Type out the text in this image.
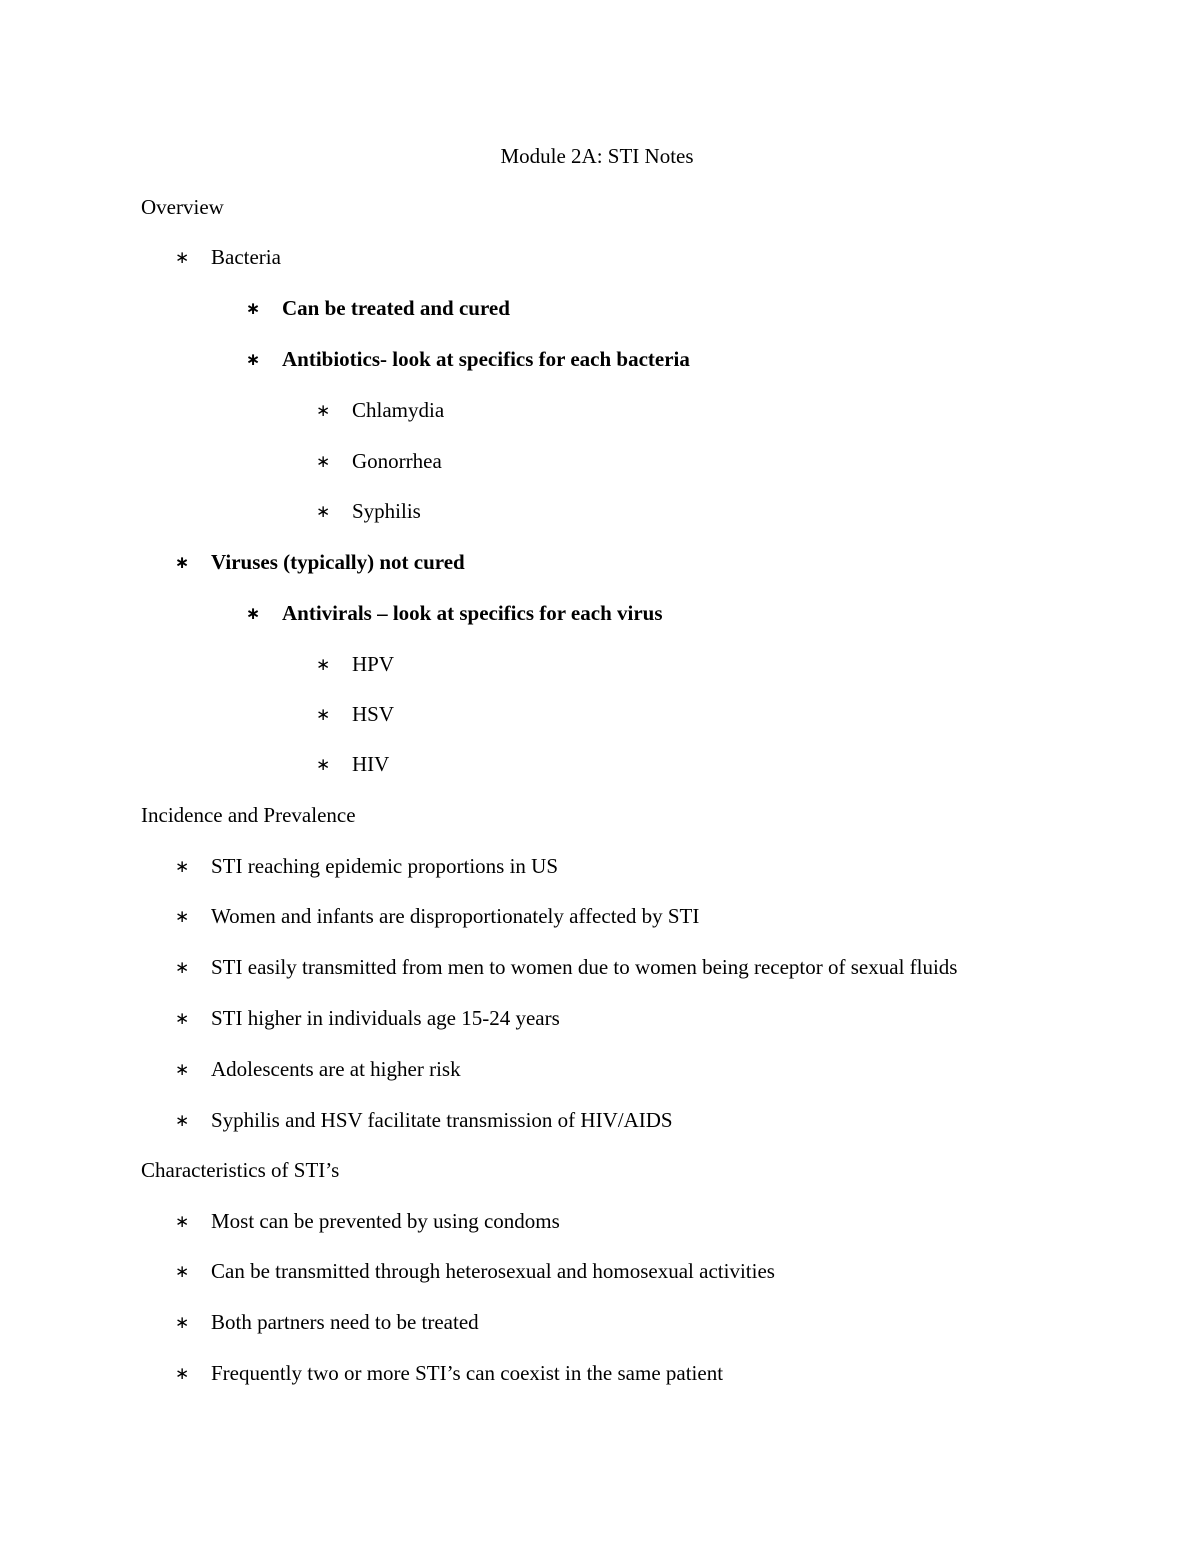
Module 2A: STI Notes
Overview
∗ Bacteria
∗ Can be treated and cured
∗ Antibiotics- look at specifics for each bacteria
∗ Chlamydia
∗ Gonorrhea
∗ Syphilis
∗ Viruses (typically) not cured
∗ Antivirals – look at specifics for each virus
∗ HPV
∗ HSV
∗ HIV
Incidence and Prevalence
∗ STI reaching epidemic proportions in US
∗ Women and infants are disproportionately affected by STI
∗ STI easily transmitted from men to women due to women being receptor of sexual fluids
∗ STI higher in individuals age 15-24 years
∗ Adolescents are at higher risk
∗ Syphilis and HSV facilitate transmission of HIV/AIDS
Characteristics of STI’s
∗ Most can be prevented by using condoms
∗ Can be transmitted through heterosexual and homosexual activities
∗ Both partners need to be treated
∗ Frequently two or more STI’s can coexist in the same patient
